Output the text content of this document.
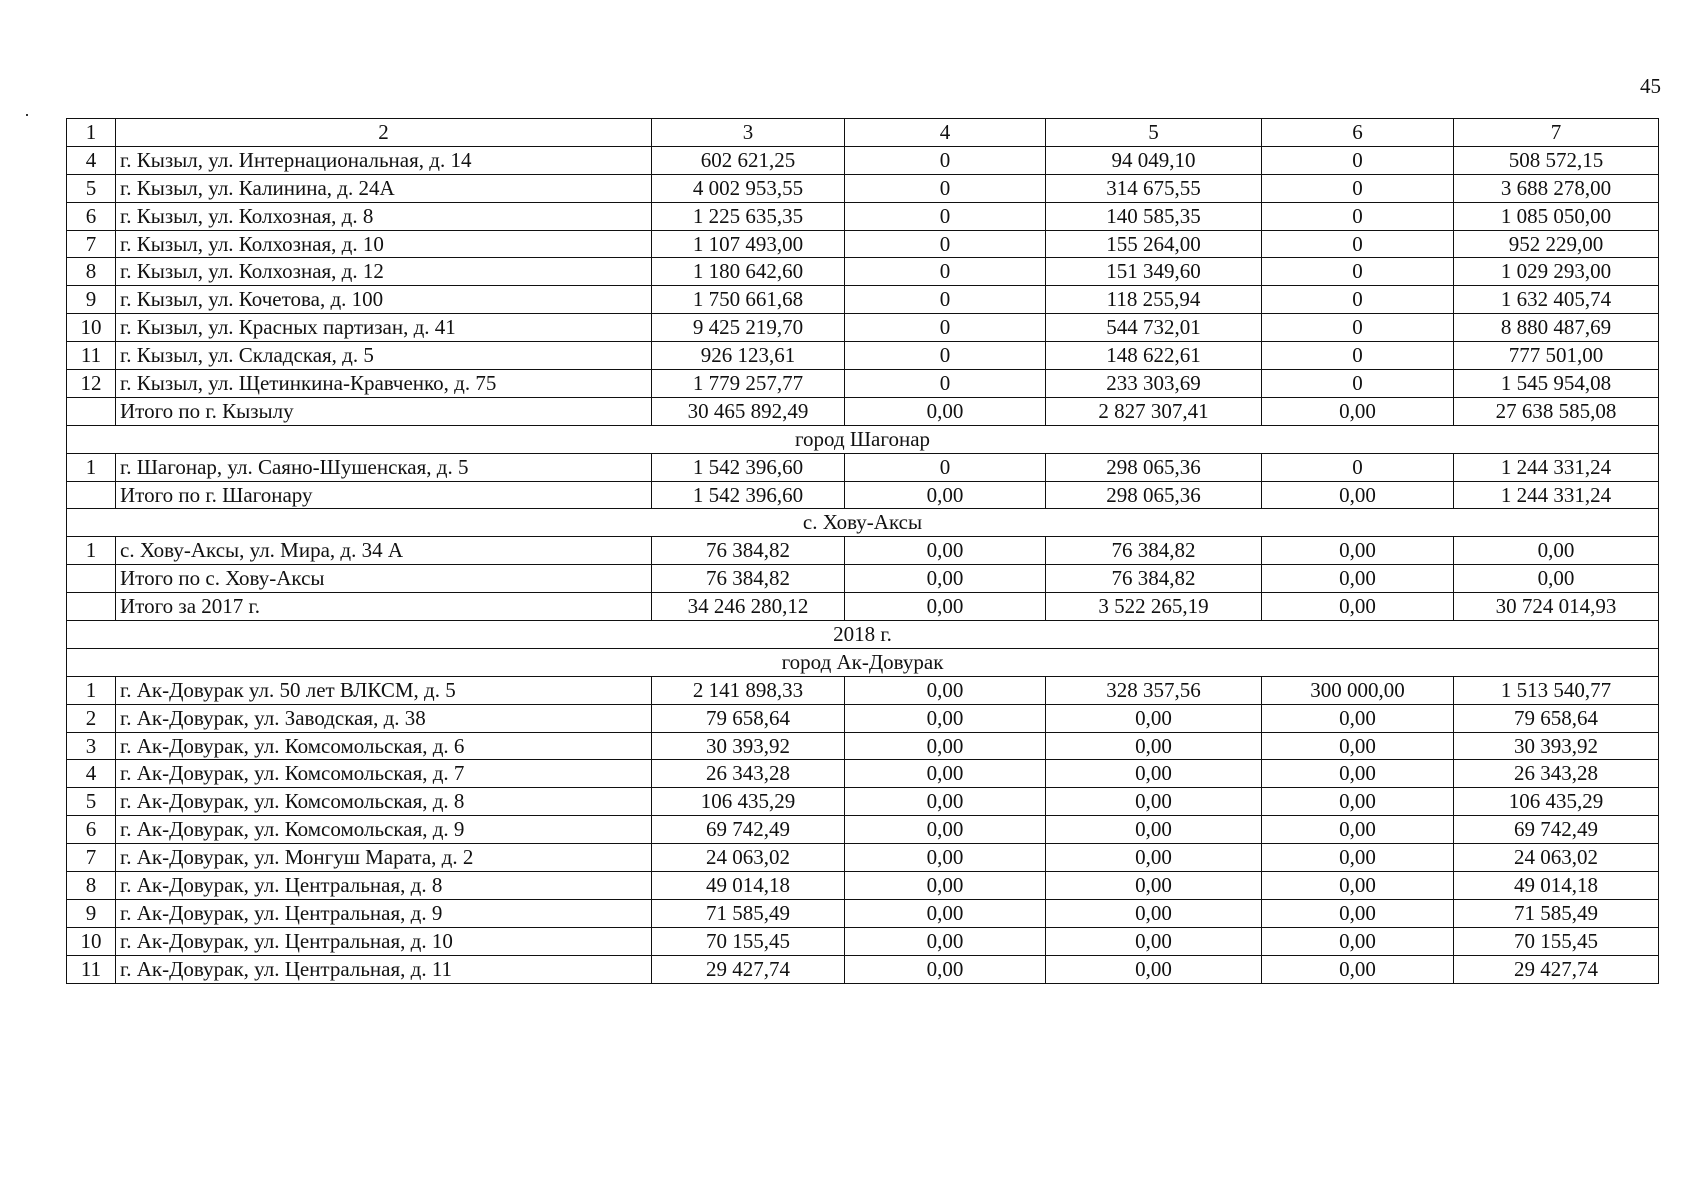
45
1	2	3	4	5	6	7
4	г. Кызыл, ул. Интернациональная, д. 14	602 621,25	0	94 049,10	0	508 572,15
5	г. Кызыл, ул. Калинина, д. 24А	4 002 953,55	0	314 675,55	0	3 688 278,00
6	г. Кызыл, ул. Колхозная, д. 8	1 225 635,35	0	140 585,35	0	1 085 050,00
7	г. Кызыл, ул. Колхозная, д. 10	1 107 493,00	0	155 264,00	0	952 229,00
8	г. Кызыл, ул. Колхозная, д. 12	1 180 642,60	0	151 349,60	0	1 029 293,00
9	г. Кызыл, ул. Кочетова, д. 100	1 750 661,68	0	118 255,94	0	1 632 405,74
10	г. Кызыл, ул. Красных партизан, д. 41	9 425 219,70	0	544 732,01	0	8 880 487,69
11	г. Кызыл, ул. Складская, д. 5	926 123,61	0	148 622,61	0	777 501,00
12	г. Кызыл, ул. Щетинкина-Кравченко, д. 75	1 779 257,77	0	233 303,69	0	1 545 954,08
	Итого по г. Кызылу	30 465 892,49	0,00	2 827 307,41	0,00	27 638 585,08
город Шагонар						
1	г. Шагонар, ул. Саяно-Шушенская, д. 5	1 542 396,60	0	298 065,36	0	1 244 331,24
	Итого по г. Шагонару	1 542 396,60	0,00	298 065,36	0,00	1 244 331,24
с. Хову-Аксы						
1	с. Хову-Аксы, ул. Мира, д. 34 А	76 384,82	0,00	76 384,82	0,00	0,00
	Итого по с. Хову-Аксы	76 384,82	0,00	76 384,82	0,00	0,00
	Итого за 2017 г.	34 246 280,12	0,00	3 522 265,19	0,00	30 724 014,93
2018 г.						
город Ак-Довурак						
1	г. Ак-Довурак ул. 50 лет ВЛКСМ, д. 5	2 141 898,33	0,00	328 357,56	300 000,00	1 513 540,77
2	г. Ак-Довурак, ул. Заводская, д. 38	79 658,64	0,00	0,00	0,00	79 658,64
3	г. Ак-Довурак, ул. Комсомольская, д. 6	30 393,92	0,00	0,00	0,00	30 393,92
4	г. Ак-Довурак, ул. Комсомольская, д. 7	26 343,28	0,00	0,00	0,00	26 343,28
5	г. Ак-Довурак, ул. Комсомольская, д. 8	106 435,29	0,00	0,00	0,00	106 435,29
6	г. Ак-Довурак, ул. Комсомольская, д. 9	69 742,49	0,00	0,00	0,00	69 742,49
7	г. Ак-Довурак, ул. Монгуш Марата, д. 2	24 063,02	0,00	0,00	0,00	24 063,02
8	г. Ак-Довурак, ул. Центральная, д. 8	49 014,18	0,00	0,00	0,00	49 014,18
9	г. Ак-Довурак, ул. Центральная, д. 9	71 585,49	0,00	0,00	0,00	71 585,49
10	г. Ак-Довурак, ул. Центральная, д. 10	70 155,45	0,00	0,00	0,00	70 155,45
11	г. Ак-Довурак, ул. Центральная, д. 11	29 427,74	0,00	0,00	0,00	29 427,74
